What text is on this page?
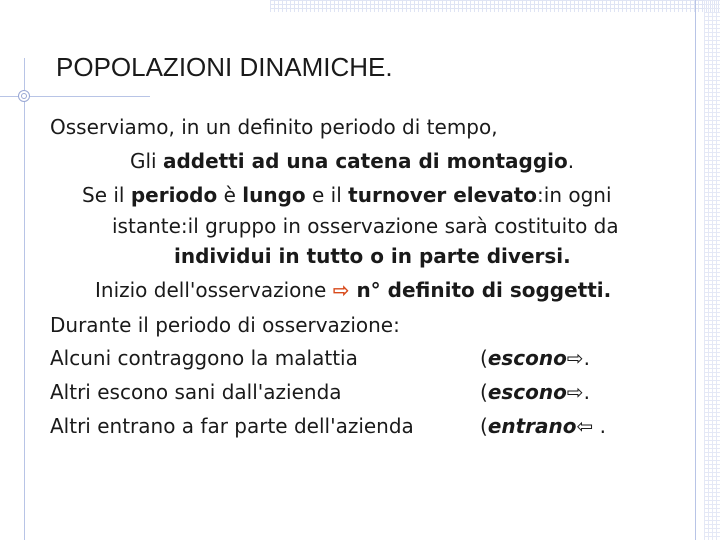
POPOLAZIONI DINAMICHE.
Osserviamo, in un definito periodo di tempo,
Gli addetti ad una catena di montaggio.
Se il periodo è lungo e il turnover elevato:in ogni
istante:il gruppo in osservazione sarà costituito da
individui in tutto o in parte diversi.
Inizio dell'osservazione ⇨ n° definito di soggetti.
Durante il periodo di osservazione:
Alcuni contraggono la malattia	(escono⇨.
Altri escono sani dall'azienda	(escono⇨.
Altri entrano a far parte dell'azienda	(entrano⇦ .
